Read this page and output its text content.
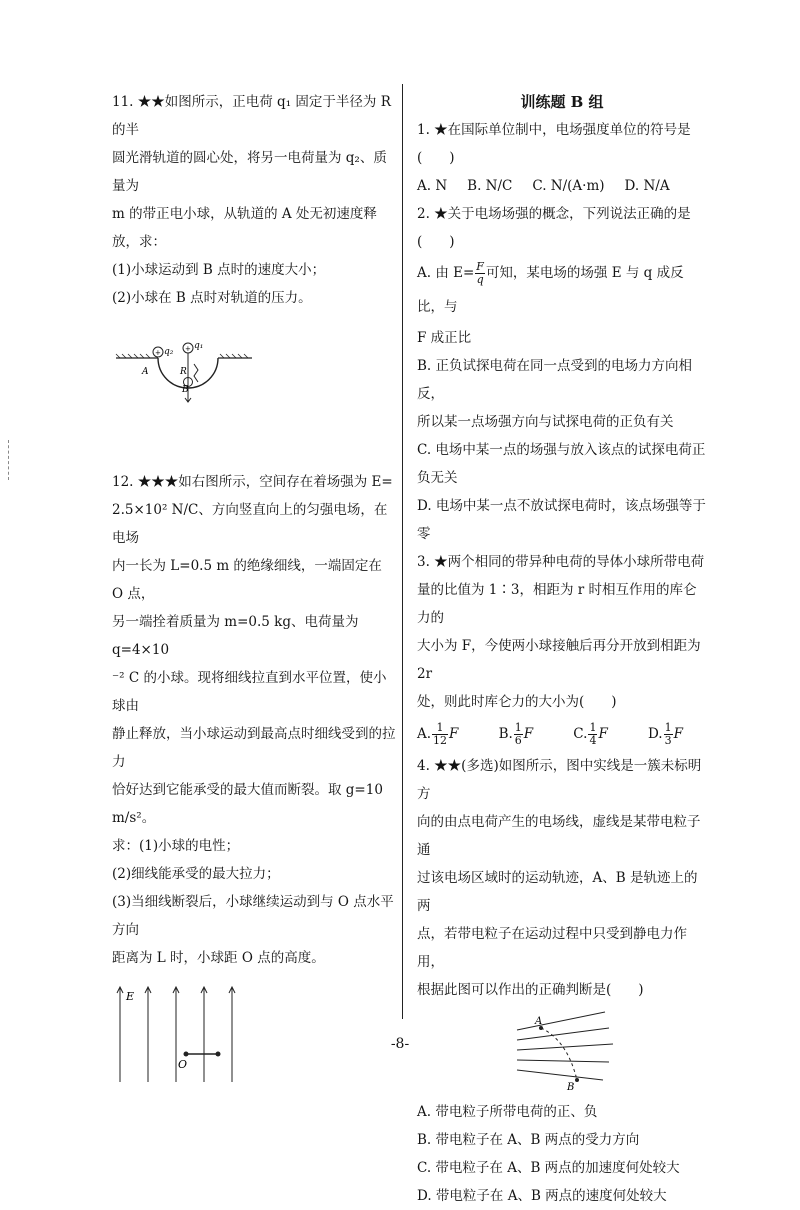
11. ★★如图所示，正电荷 q₁ 固定于半径为 R 的半

圆光滑轨道的圆心处，将另一电荷量为 q₂、质量为

m 的带正电小球，从轨道的 A 处无初速度释放，求：

(1)小球运动到 B 点时的速度大小；

(2)小球在 B 点时对轨道的压力。

+ q₂ + q₁
R
A
B

12. ★★★如右图所示，空间存在着场强为 E=

2.5×10² N/C、方向竖直向上的匀强电场，在电场

内一长为 L=0.5 m 的绝缘细线，一端固定在 O 点，

另一端拴着质量为 m=0.5 kg、电荷量为 q=4×10

⁻² C 的小球。现将细线拉直到水平位置，使小球由

静止释放，当小球运动到最高点时细线受到的拉力

恰好达到它能承受的最大值而断裂。取 g=10 m/s²。

求：(1)小球的电性；

(2)细线能承受的最大拉力；

(3)当细线断裂后，小球继续运动到与 O 点水平方向

距离为 L 时，小球距 O 点的高度。

E
O
训练题 B 组

1. ★在国际单位制中，电场强度单位的符号是

(　　)

A. N B. N/C C. N/(A·m) D. N/A

2. ★关于电场场强的概念，下列说法正确的是

(　　)

A. 由 $E= \frac{F}{q}$ 可知，某电场的场强 E 与 q 成反比，与

F 成正比

B. 正负试探电荷在同一点受到的电场力方向相反，

所以某一点场强方向与试探电荷的正负有关

C. 电场中某一点的场强与放入该点的试探电荷正

负无关

D. 电场中某一点不放试探电荷时，该点场强等于

零

3. ★两个相同的带异种电荷的导体小球所带电荷

量的比值为 1∶3，相距为 r 时相互作用的库仑力的

大小为 F，今使两小球接触后再分开放到相距为 2r

处，则此时库仑力的大小为(　　)

A. $\frac{1}{12}$ F	B. $\frac{1}{6}$ F	C. $\frac{1}{4}$ F	D. $\frac{1}{3}$ F

4. ★★(多选)如图所示，图中实线是一簇未标明方

向的由点电荷产生的电场线，虚线是某带电粒子通

过该电场区域时的运动轨迹，A、B 是轨迹上的两

点，若带电粒子在运动过程中只受到静电力作用，

根据此图可以作出的正确判断是(　　)

A
B

A. 带电粒子所带电荷的正、负

B. 带电粒子在 A、B 两点的受力方向

C. 带电粒子在 A、B 两点的加速度何处较大

D. 带电粒子在 A、B 两点的速度何处较大

-8-
